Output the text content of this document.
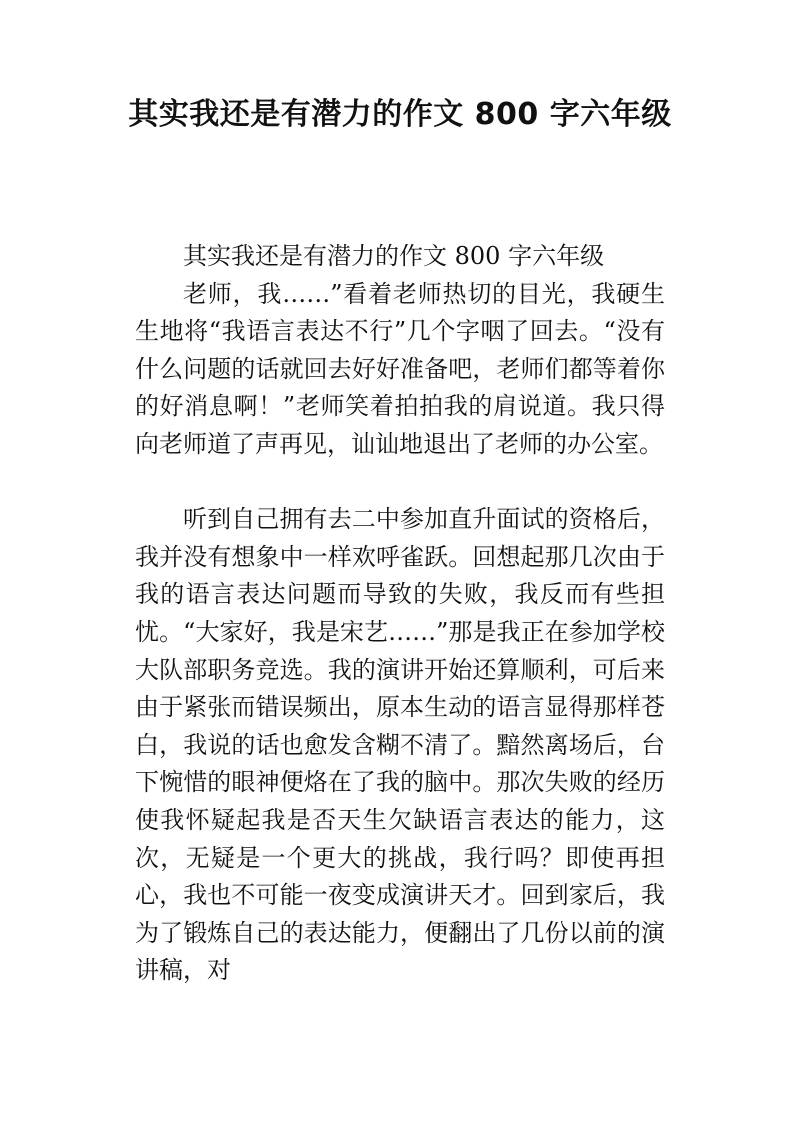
其实我还是有潜力的作文 800 字六年级

其实我还是有潜力的作文 800 字六年级

老师，我……”看着老师热切的目光，我硬生生地将“我语言表达不行”几个字咽了回去。“没有什么问题的话就回去好好准备吧，老师们都等着你的好消息啊！”老师笑着拍拍我的肩说道。我只得向老师道了声再见，讪讪地退出了老师的办公室。

听到自己拥有去二中参加直升面试的资格后，我并没有想象中一样欢呼雀跃。回想起那几次由于我的语言表达问题而导致的失败，我反而有些担忧。“大家好，我是宋艺……”那是我正在参加学校大队部职务竞选。我的演讲开始还算顺利，可后来由于紧张而错误频出，原本生动的语言显得那样苍白，我说的话也愈发含糊不清了。黯然离场后，台下惋惜的眼神便烙在了我的脑中。那次失败的经历使我怀疑起我是否天生欠缺语言表达的能力，这次，无疑是一个更大的挑战，我行吗？即使再担心，我也不可能一夜变成演讲天才。回到家后，我为了锻炼自己的表达能力，便翻出了几份以前的演讲稿，对
